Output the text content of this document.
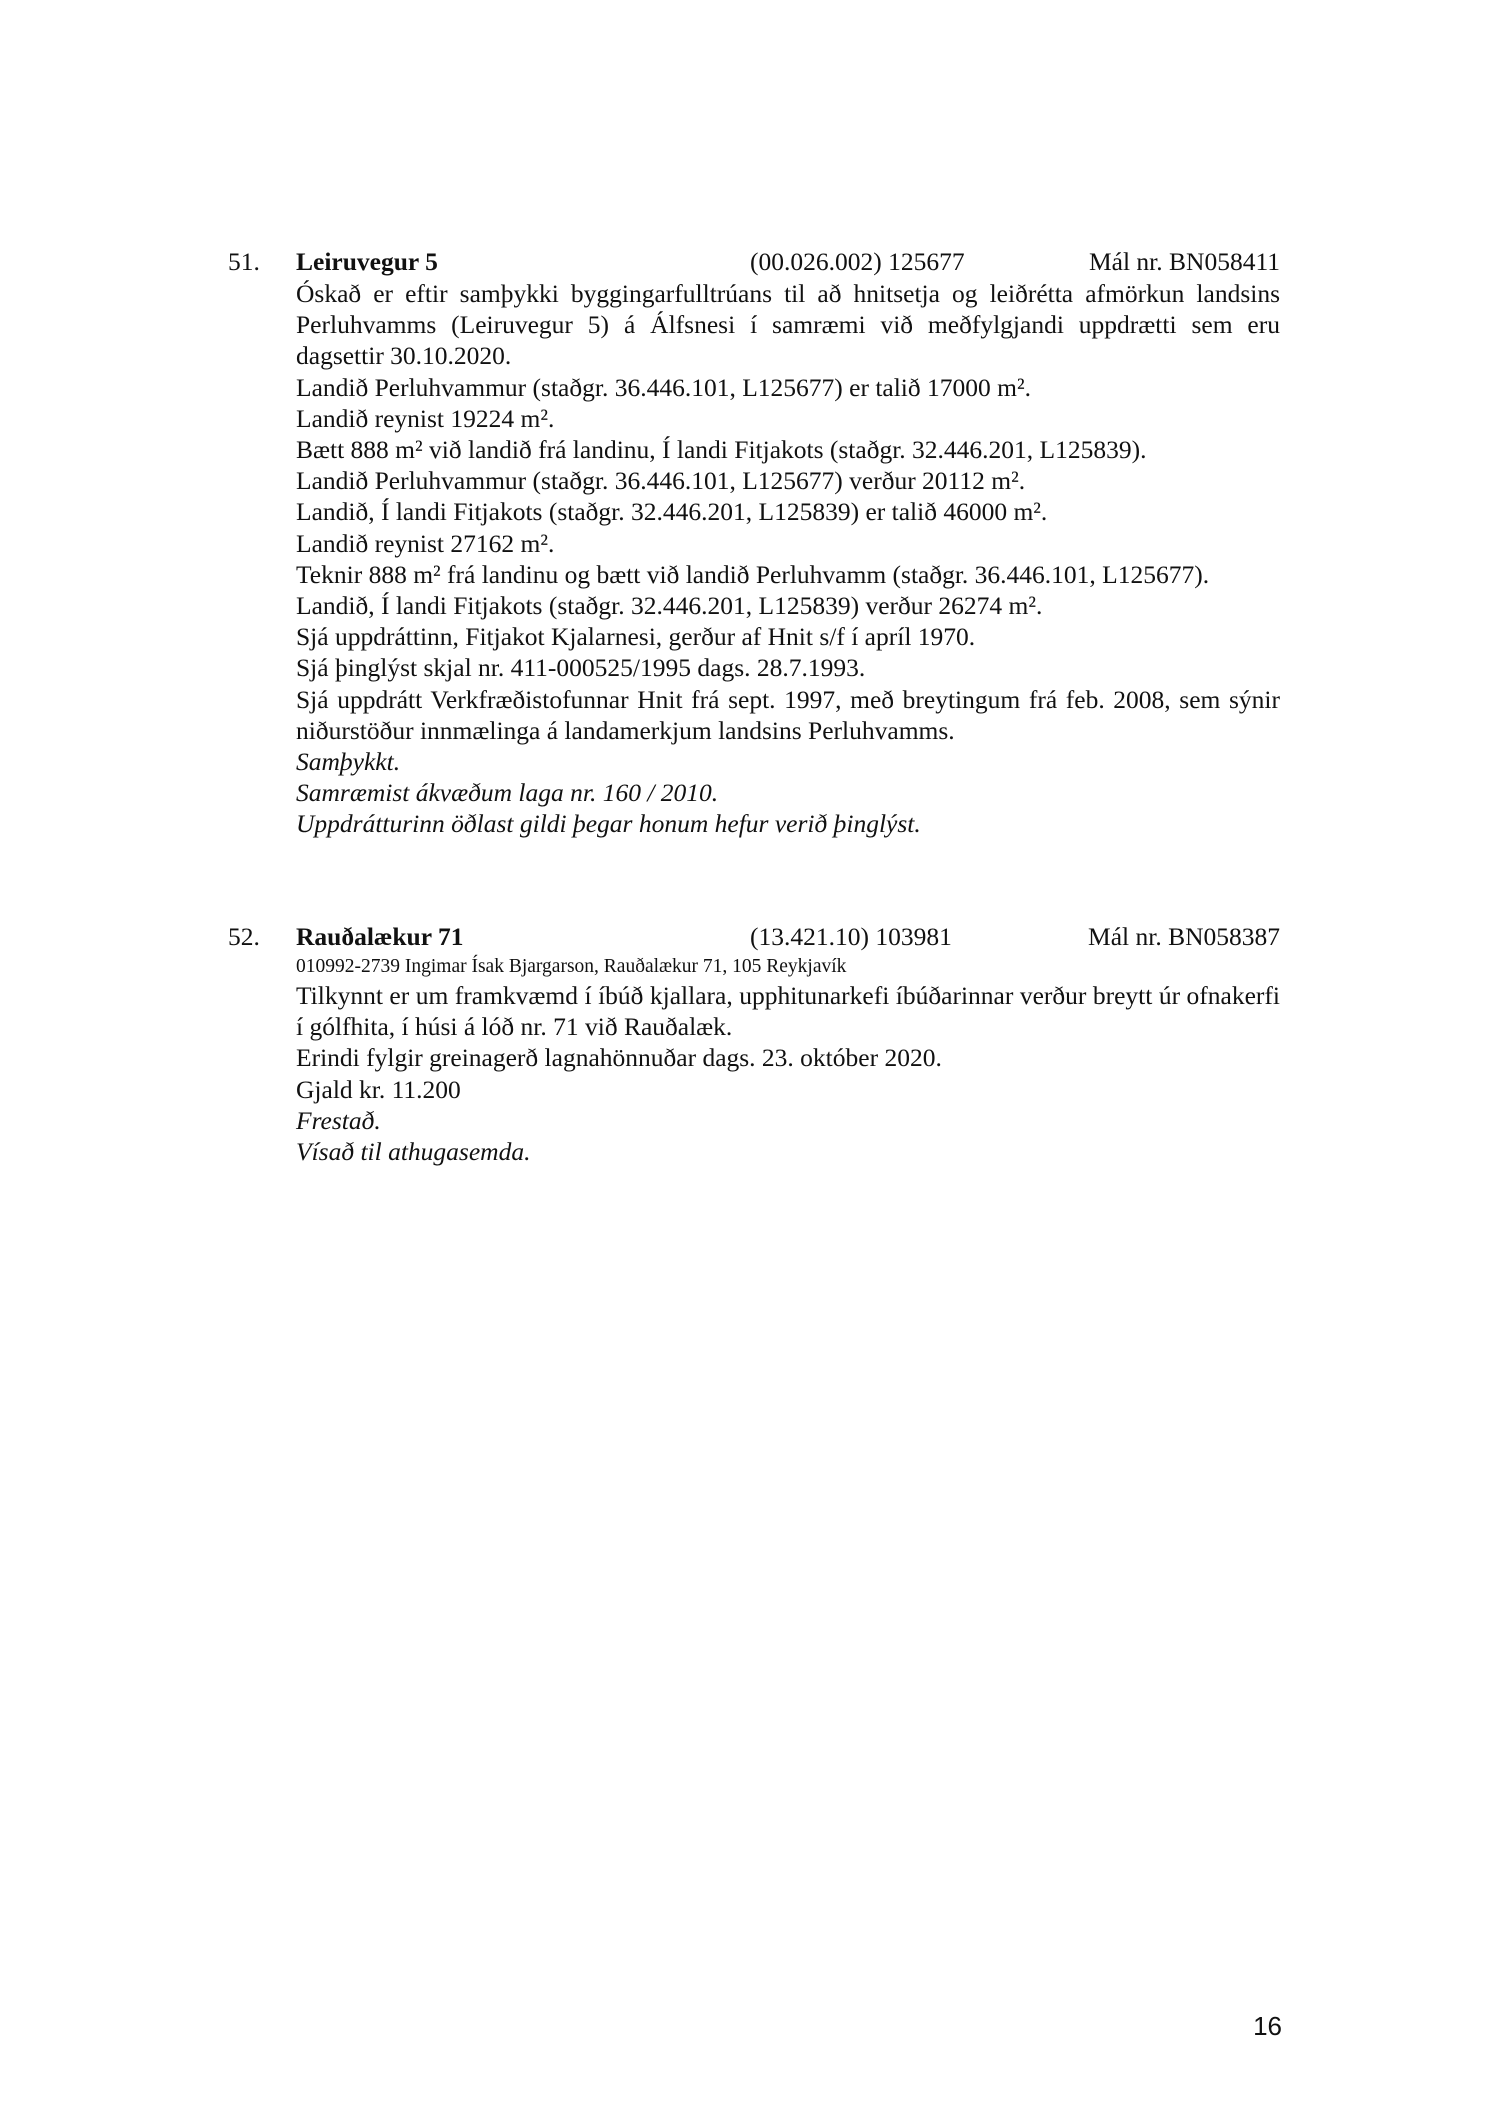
51. Leiruvegur 5	(00.026.002) 125677	Mál nr. BN058411

Óskað er eftir samþykki byggingarfulltrúans til að hnitsetja og leiðrétta afmörkun landsins Perluhvamms (Leiruvegur 5) á Álfsnesi í samræmi við meðfylgjandi uppdrætti sem eru dagsettir 30.10.2020.

Landið Perluhvammur (staðgr. 36.446.101, L125677) er talið 17000 m².

Landið reynist 19224 m².

Bætt 888 m² við landið frá landinu, Í landi Fitjakots (staðgr. 32.446.201, L125839).

Landið Perluhvammur (staðgr. 36.446.101, L125677) verður 20112 m².

Landið, Í landi Fitjakots (staðgr. 32.446.201, L125839) er talið 46000 m².

Landið reynist 27162 m².

Teknir 888 m² frá landinu og bætt við landið Perluhvamm (staðgr. 36.446.101, L125677).

Landið, Í landi Fitjakots (staðgr. 32.446.201, L125839) verður 26274 m².

Sjá uppdráttinn, Fitjakot Kjalarnesi, gerður af Hnit s/f í apríl 1970.

Sjá þinglýst skjal nr. 411-000525/1995 dags. 28.7.1993.

Sjá uppdrátt Verkfræðistofunnar Hnit frá sept. 1997, með breytingum frá feb. 2008, sem sýnir niðurstöður innmælinga á landamerkjum landsins Perluhvamms.

Samþykkt.

Samræmist ákvæðum laga nr. 160 / 2010.

Uppdrátturinn öðlast gildi þegar honum hefur verið þinglýst.

52. Rauðalækur 71	(13.421.10) 103981	Mál nr. BN058387

010992-2739 Ingimar Ísak Bjargarson, Rauðalækur 71, 105 Reykjavík

Tilkynnt er um framkvæmd í íbúð kjallara, upphitunarkefi íbúðarinnar verður breytt úr ofnakerfi í gólfhita, í húsi á lóð nr. 71 við Rauðalæk.

Erindi fylgir greinagerð lagnahönnuðar dags. 23. október 2020.

Gjald kr. 11.200

Frestað.

Vísað til athugasemda.

16
